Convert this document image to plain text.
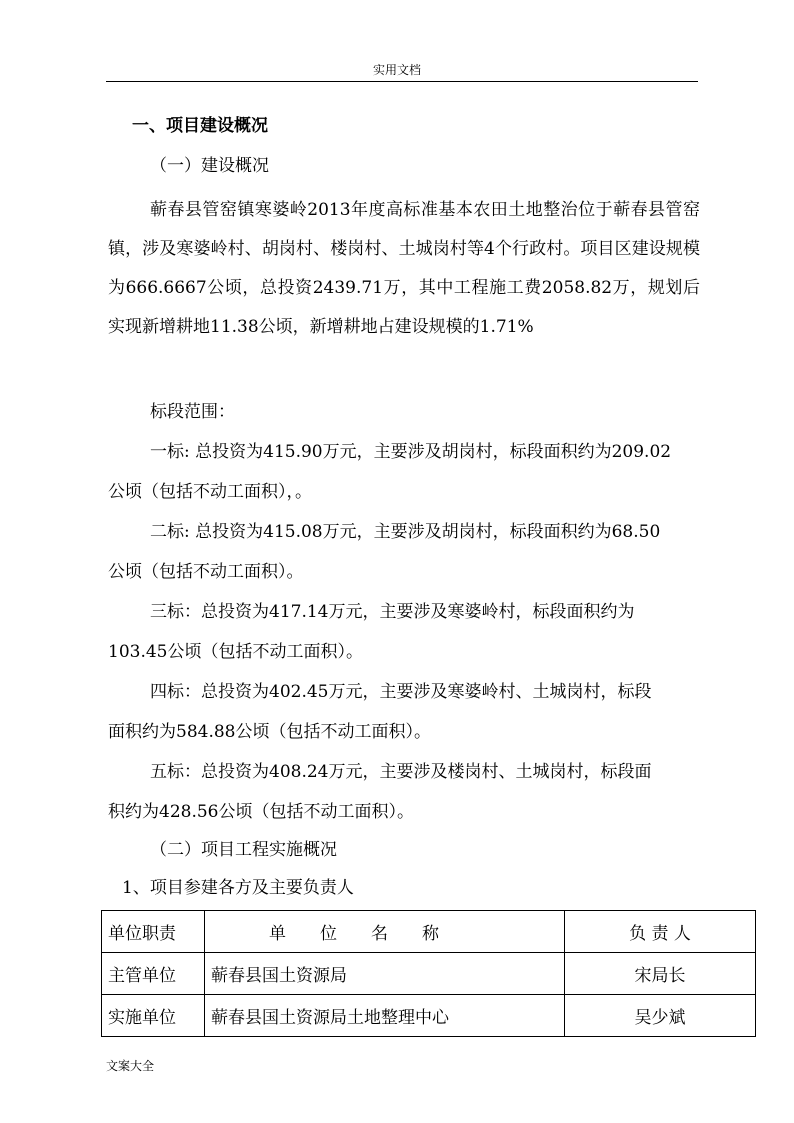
实用文档
一、项目建设概况
（一）建设概况

蕲春县管窑镇寒婆岭2013年度高标准基本农田土地整治位于蕲春县管窑镇，涉及寒婆岭村、胡岗村、楼岗村、土城岗村等4个行政村。项目区建设规模为666.6667公顷，总投资2439.71万，其中工程施工费2058.82万，规划后实现新增耕地11.38公顷，新增耕地占建设规模的1.71%

标段范围：
一标: 总投资为415.90万元，主要涉及胡岗村，标段面积约为209.02
公顷（包括不动工面积），。
二标: 总投资为415.08万元，主要涉及胡岗村，标段面积约为68.50
公顷（包括不动工面积）。
三标：总投资为417.14万元，主要涉及寒婆岭村，标段面积约为
103.45公顷（包括不动工面积）。
四标：总投资为402.45万元，主要涉及寒婆岭村、土城岗村，标段
面积约为584.88公顷（包括不动工面积）。
五标：总投资为408.24万元，主要涉及楼岗村、土城岗村，标段面
积约为428.56公顷（包括不动工面积）。
（二）项目工程实施概况
1、项目参建各方及主要负责人
单位职责	单　　位　　名　　称	负 责 人
主管单位	蕲春县国土资源局	宋局长
实施单位	蕲春县国土资源局土地整理中心	吴少斌
文案大全
